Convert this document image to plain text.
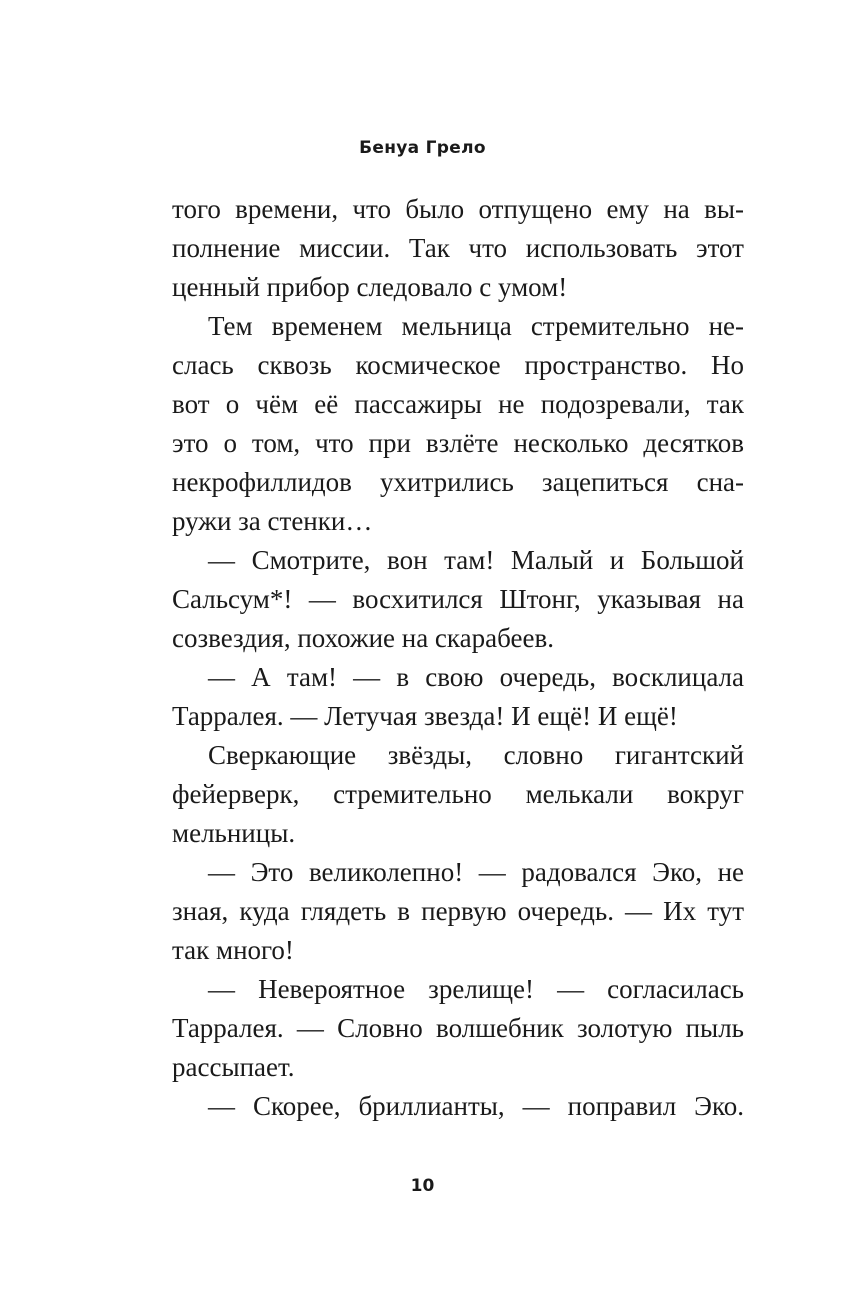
Бенуа Грело
того времени, что было отпущено ему на вы-
полнение миссии. Так что использовать этот
ценный прибор следовало с умом!
Тем временем мельница стремительно не-
слась сквозь космическое пространство. Но
вот о чём её пассажиры не подозревали, так
это о том, что при взлёте несколько десятков
некрофиллидов ухитрились зацепиться сна-
ружи за стенки…
— Смотрите, вон там! Малый и Большой
Сальсум*! — восхитился Штонг, указывая на
созвездия, похожие на скарабеев.
— А там! — в свою очередь, восклицала
Тарралея. — Летучая звезда! И ещё! И ещё!
Сверкающие звёзды, словно гигантский
фейерверк, стремительно мелькали вокруг
мельницы.
— Это великолепно! — радовался Эко, не
зная, куда глядеть в первую очередь. — Их тут
так много!
— Невероятное зрелище! — согласилась
Тарралея. — Словно волшебник золотую пыль
рассыпает.
— Скорее, бриллианты, — поправил Эко.
10
